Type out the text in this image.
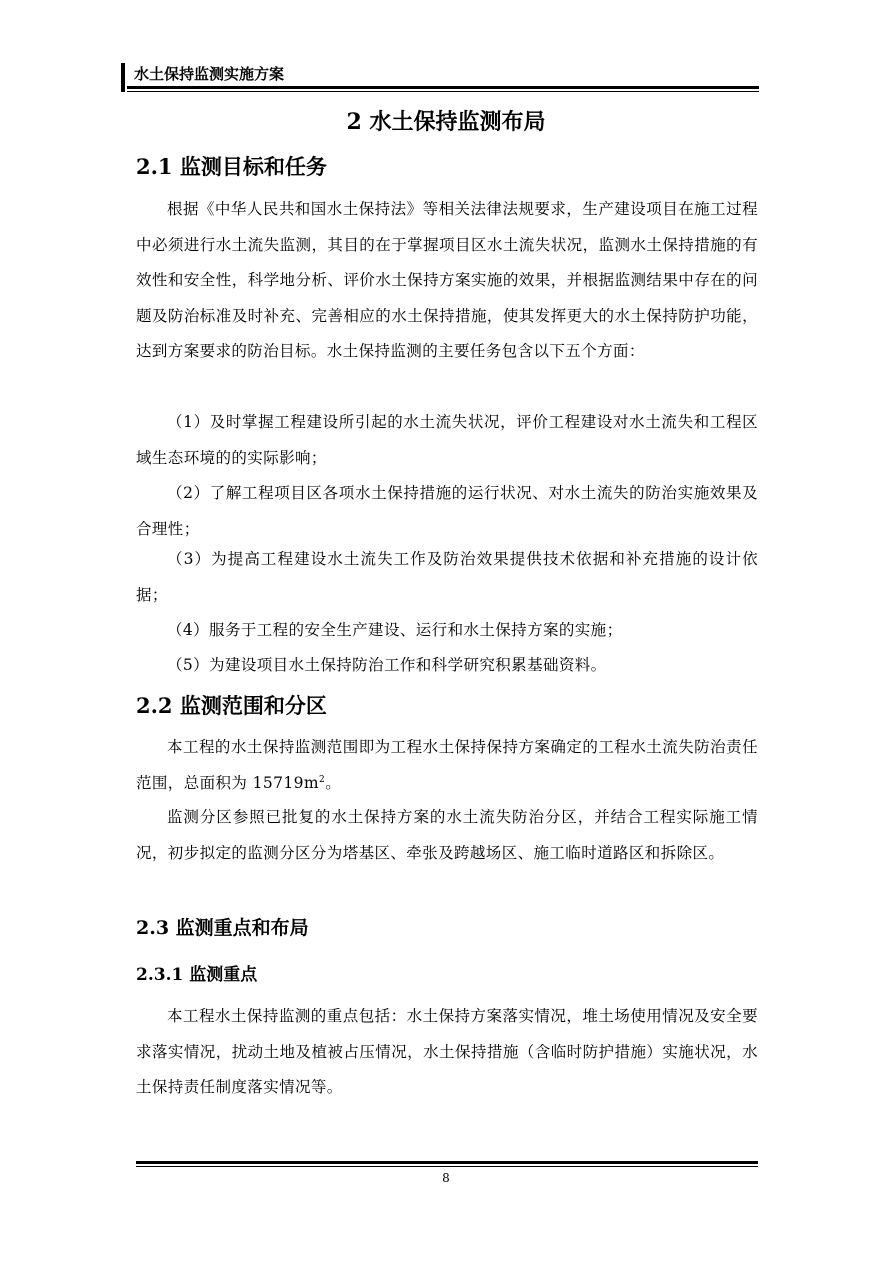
水土保持监测实施方案
2 水土保持监测布局
2.1 监测目标和任务

根据《中华人民共和国水土保持法》等相关法律法规要求，生产建设项目在施工过程中必须进行水土流失监测，其目的在于掌握项目区水土流失状况，监测水土保持措施的有效性和安全性，科学地分析、评价水土保持方案实施的效果，并根据监测结果中存在的问题及防治标准及时补充、完善相应的水土保持措施，使其发挥更大的水土保持防护功能，达到方案要求的防治目标。水土保持监测的主要任务包含以下五个方面：

（1）及时掌握工程建设所引起的水土流失状况，评价工程建设对水土流失和工程区域生态环境的的实际影响；

（2）了解工程项目区各项水土保持措施的运行状况、对水土流失的防治实施效果及合理性；

（3）为提高工程建设水土流失工作及防治效果提供技术依据和补充措施的设计依据；

（4）服务于工程的安全生产建设、运行和水土保持方案的实施；

（5）为建设项目水土保持防治工作和科学研究积累基础资料。

2.2 监测范围和分区

本工程的水土保持监测范围即为工程水土保持保持方案确定的工程水土流失防治责任范围，总面积为 $15719m^2$。

监测分区参照已批复的水土保持方案的水土流失防治分区，并结合工程实际施工情况，初步拟定的监测分区分为塔基区、牵张及跨越场区、施工临时道路区和拆除区。

2.3 监测重点和布局
2.3.1 监测重点

本工程水土保持监测的重点包括：水土保持方案落实情况，堆土场使用情况及安全要求落实情况，扰动土地及植被占压情况，水土保持措施（含临时防护措施）实施状况，水土保持责任制度落实情况等。

8
